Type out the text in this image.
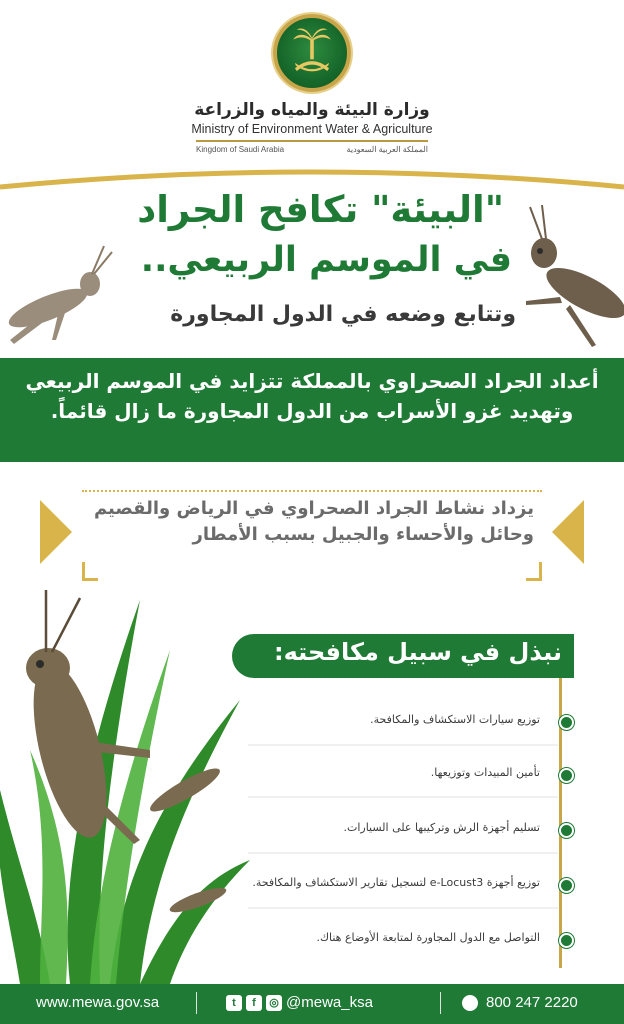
وزارة البيئة والمياه والزراعة
Ministry of Environment Water & Agriculture
Kingdom of Saudi Arabia	المملكة العربية السعودية
"البيئة" تكافح الجراد
في الموسم الربيعي..
وتتابع وضعه في الدول المجاورة
أعداد الجراد الصحراوي بالمملكة تتزايد في الموسم الربيعي وتهديد غزو الأسراب من الدول المجاورة ما زال قائماً.
يزداد نشاط الجراد الصحراوي في الرياض والقصيم وحائل والأحساء والجبيل بسبب الأمطار
نبذل في سبيل مكافحته:
توزيع سيارات الاستكشاف والمكافحة.
تأمين المبيدات وتوزيعها.
تسليم أجهزة الرش وتركيبها على السيارات.
توزيع أجهزة e-Locust3 لتسجيل تقارير الاستكشاف والمكافحة.
التواصل مع الدول المجاورة لمتابعة الأوضاع هناك.
www.mewa.gov.sa	t	f	◎ @mewa_ksa	800 247 2220
